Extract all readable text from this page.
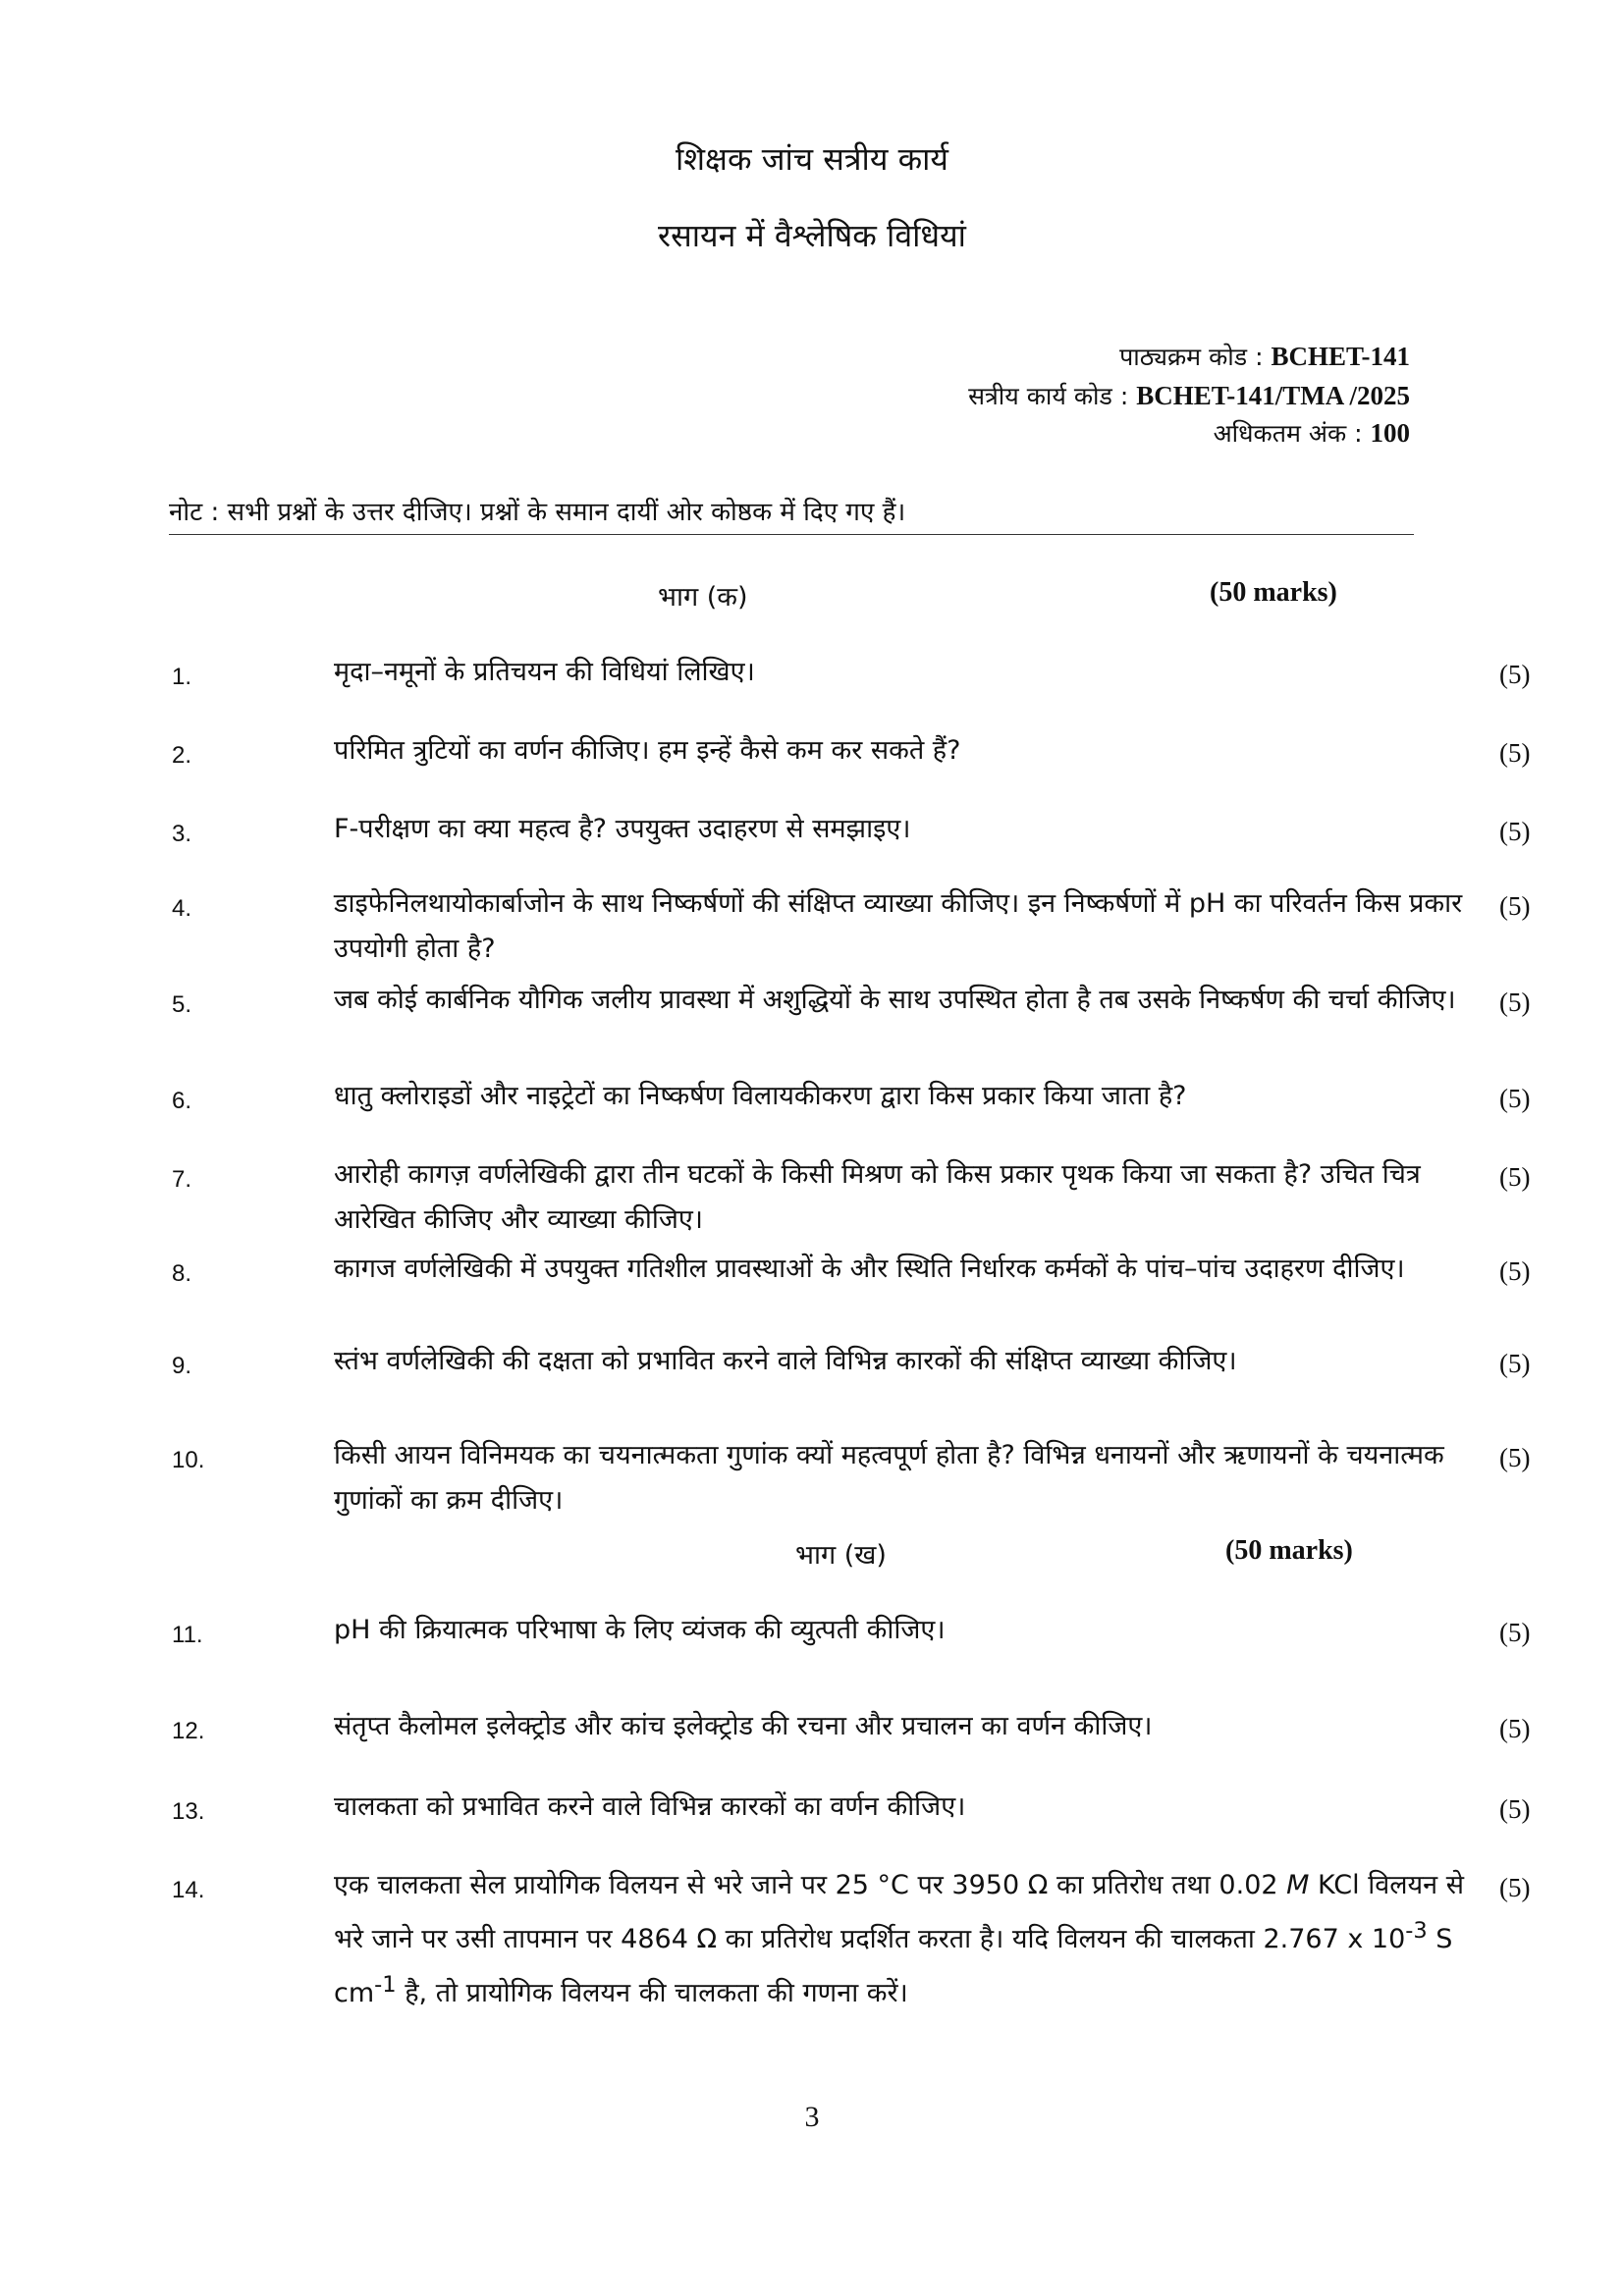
शिक्षक जांच सत्रीय कार्य
रसायन में वैश्लेषिक विधियां
पाठ्यक्रम कोड : BCHET-141
सत्रीय कार्य कोड : BCHET-141/TMA /2025
अधिकतम अंक : 100
नोट : सभी प्रश्नों के उत्तर दीजिए। प्रश्नों के समान दायीं ओर कोष्ठक में दिए गए हैं।
भाग (क)	(50 marks)
1.	मृदा–नमूनों के प्रतिचयन की विधियां लिखिए।	(5)
2.	परिमित त्रुटियों का वर्णन कीजिए। हम इन्हें कैसे कम कर सकते हैं?	(5)
3.	F-परीक्षण का क्या महत्व है? उपयुक्त उदाहरण से समझाइए।	(5)
4.	डाइफेनिलथायोकार्बाजोन के साथ निष्कर्षणों की संक्षिप्त व्याख्या कीजिए। इन निष्कर्षणों में pH का परिवर्तन किस प्रकार उपयोगी होता है?
(5)
5.	जब कोई कार्बनिक यौगिक जलीय प्रावस्था में अशुद्धियों के साथ उपस्थित होता है तब उसके निष्कर्षण की चर्चा कीजिए।	(5)
6.	धातु क्लोराइडों और नाइट्रेटों का निष्कर्षण विलायकीकरण द्वारा किस प्रकार किया जाता है?	(5)
7.	आरोही कागज़ वर्णलेखिकी द्वारा तीन घटकों के किसी मिश्रण को किस प्रकार पृथक किया जा सकता है? उचित चित्र आरेखित कीजिए और व्याख्या कीजिए।
(5)
8.	कागज वर्णलेखिकी में उपयुक्त गतिशील प्रावस्थाओं के और स्थिति निर्धारक कर्मकों के पांच–पांच उदाहरण दीजिए।	(5)
9.	स्तंभ वर्णलेखिकी की दक्षता को प्रभावित करने वाले विभिन्न कारकों की संक्षिप्त व्याख्या कीजिए।	(5)
10.	किसी आयन विनिमयक का चयनात्मकता गुणांक क्यों महत्वपूर्ण होता है? विभिन्न धनायनों और ऋणायनों के चयनात्मक गुणांकों का क्रम दीजिए।
(5)
भाग (ख)	(50 marks)
11.	pH की क्रियात्मक परिभाषा के लिए व्यंजक की व्युत्पती कीजिए।	(5)
12.	संतृप्त कैलोमल इलेक्ट्रोड और कांच इलेक्ट्रोड की रचना और प्रचालन का वर्णन कीजिए।	(5)
13.	चालकता को प्रभावित करने वाले विभिन्न कारकों का वर्णन कीजिए।	(5)
14.	एक चालकता सेल प्रायोगिक विलयन से भरे जाने पर 25 °C पर 3950 Ω का प्रतिरोध तथा 0.02 M KCl विलयन से भरे जाने पर उसी तापमान पर 4864 Ω का प्रतिरोध प्रदर्शित करता है। यदि विलयन की चालकता 2.767 x $10^{-3}$ S $cm^{-1}$ है, तो प्रायोगिक विलयन की चालकता की गणना करें।
(5)
3
